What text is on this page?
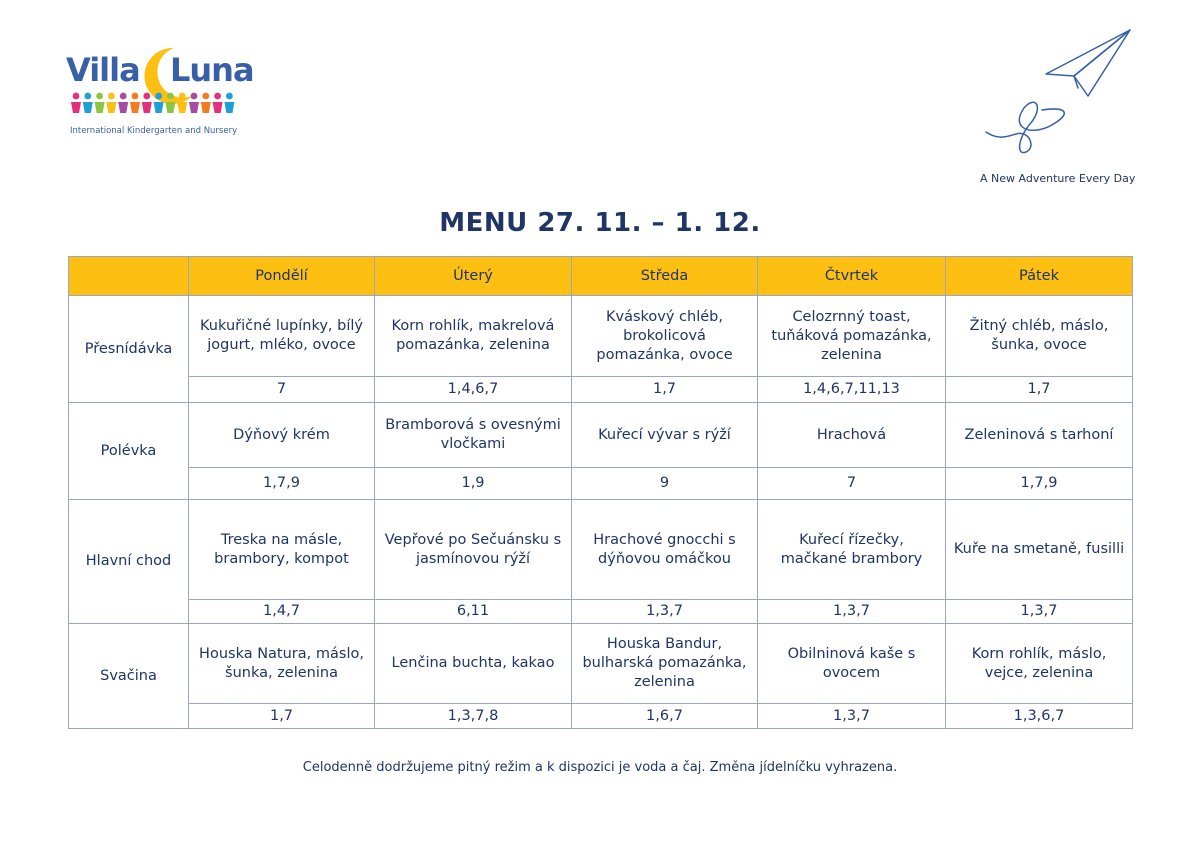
Villa Luna
International Kindergarten and Nursery
A New Adventure Every Day
MENU 27. 11. – 1. 12.
	Pondělí	Úterý	Středa	Čtvrtek	Pátek
Přesnídávka	Kukuřičné lupínky, bílý jogurt, mléko, ovoce	Korn rohlík, makrelová pomazánka, zelenina	Kváskový chléb, brokolicová pomazánka, ovoce	Celozrnný toast, tuňáková pomazánka, zelenina	Žitný chléb, máslo, šunka, ovoce
	7	1,4,6,7	1,7	1,4,6,7,11,13	1,7
Polévka	Dýňový krém	Bramborová s ovesnými vločkami	Kuřecí vývar s rýží	Hrachová	Zeleninová s tarhoní
	1,7,9	1,9	9	7	1,7,9
Hlavní chod	Treska na másle, brambory, kompot	Vepřové po Sečuánsku s jasmínovou rýží	Hrachové gnocchi s dýňovou omáčkou	Kuřecí řízečky, mačkané brambory	Kuře na smetaně, fusilli
	1,4,7	6,11	1,3,7	1,3,7	1,3,7
Svačina	Houska Natura, máslo, šunka, zelenina	Lenčina buchta, kakao	Houska Bandur, bulharská pomazánka, zelenina	Obilninová kaše s ovocem	Korn rohlík, máslo, vejce, zelenina
	1,7	1,3,7,8	1,6,7	1,3,7	1,3,6,7
Celodenně dodržujeme pitný režim a k dispozici je voda a čaj. Změna jídelníčku vyhrazena.
